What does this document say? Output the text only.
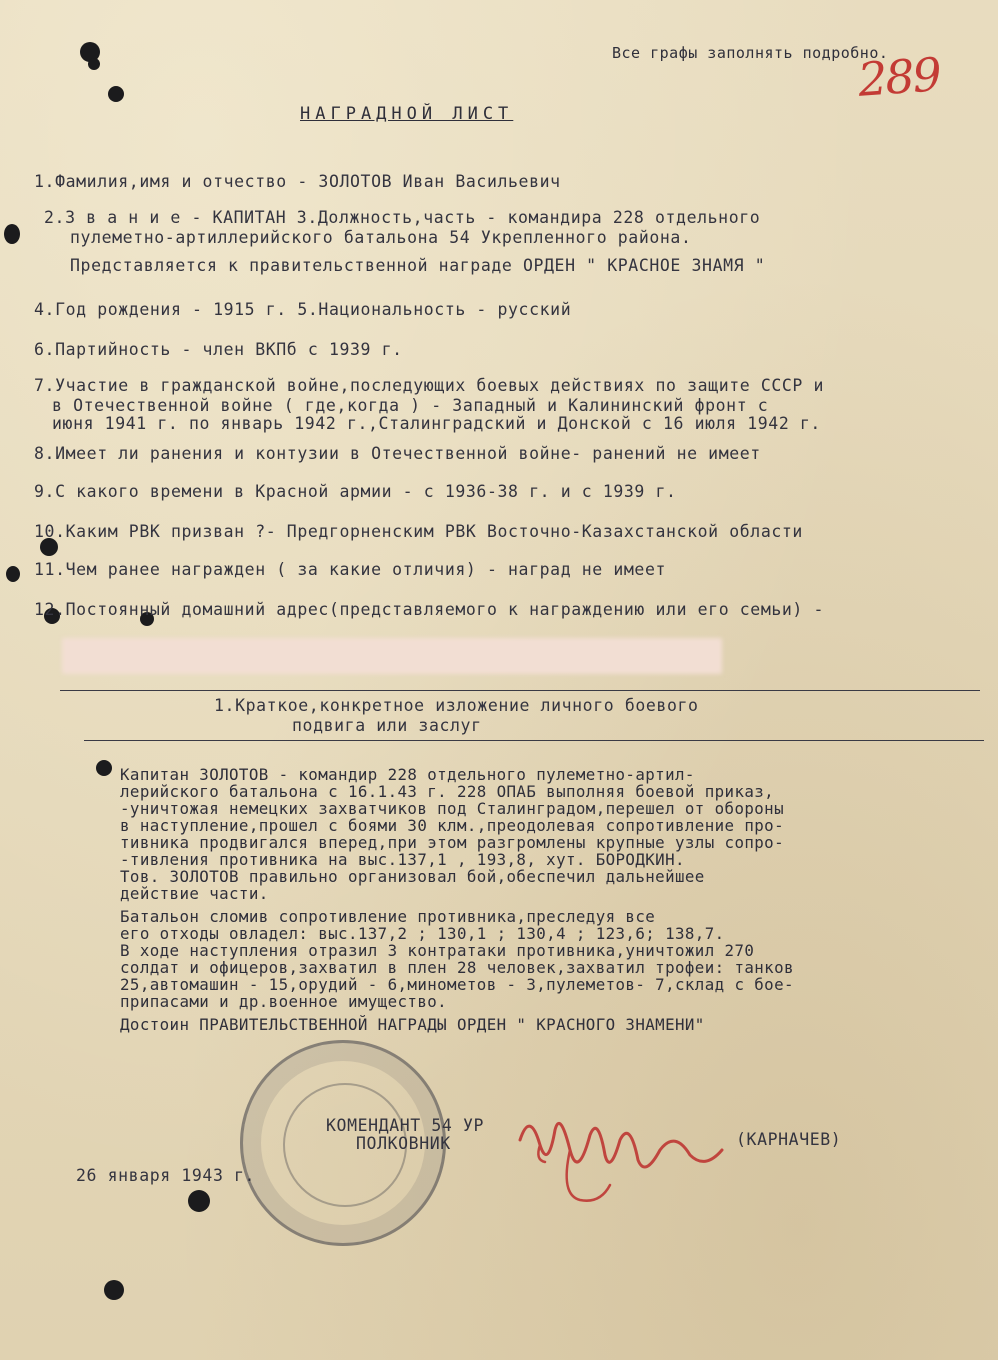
Все графы заполнять подробно.
289
НАГРАДНОЙ ЛИСТ
1.Фамилия,имя и отчество - ЗОЛОТОВ Иван Васильевич
2.З в а н и е - КАПИТАН 3.Должность,часть - командира 228 отдельного
пулеметно-артиллерийского батальона 54 Укрепленного района.
Представляется к правительственной награде ОРДЕН " КРАСНОЕ ЗНАМЯ "
4.Год рождения - 1915 г. 5.Национальность - русский
6.Партийность - член ВКПб с 1939 г.
7.Участие в гражданской войне,последующих боевых действиях по защите СССР и
в Отечественной войне ( где,когда ) - Западный и Калининский фронт с
июня 1941 г. по январь 1942 г.,Сталинградский и Донской с 16 июля 1942 г.
8.Имеет ли ранения и контузии в Отечественной войне- ранений не имеет
9.С какого времени в Красной армии - с 1936-38 г. и с 1939 г.
10.Каким РВК призван ?- Предгорненским РВК Восточно-Казахстанской области
11.Чем ранее награжден ( за какие отличия) - наград не имеет
12.Постоянный домашний адрес(представляемого к награждению или его семьи) -
1.Краткое,конкретное изложение личного боевого
подвига или заслуг
Капитан ЗОЛОТОВ - командир 228 отдельного пулеметно-артил-
лерийского батальона с 16.1.43 г. 228 ОПАБ выполняя боевой приказ,
-уничтожая немецких захватчиков под Сталинградом,перешел от обороны
в наступление,прошел с боями 30 клм.,преодолевая сопротивление про-
тивника продвигался вперед,при этом разгромлены крупные узлы сопро-
-тивления противника на выс.137,1 , 193,8, хут. БОРОДКИН.
Тов. ЗОЛОТОВ правильно организовал бой,обеспечил дальнейшее
действие части.
Батальон сломив сопротивление противника,преследуя все
его отходы овладел: выс.137,2 ; 130,1 ; 130,4 ; 123,6; 138,7.
В ходе наступления отразил 3 контратаки противника,уничтожил 270
солдат и офицеров,захватил в плен 28 человек,захватил трофеи: танков
25,автомашин - 15,орудий - 6,минометов - 3,пулеметов- 7,склад с боe-
припасами и др.военное имущество.
Достоин ПРАВИТЕЛЬСТВЕННОЙ НАГРАДЫ ОРДЕН " КРАСНОГО ЗНАМЕНИ"
КОМЕНДАНТ 54 УР
ПОЛКОВНИК	(КАРНАЧЕВ)
26 января 1943 г.
